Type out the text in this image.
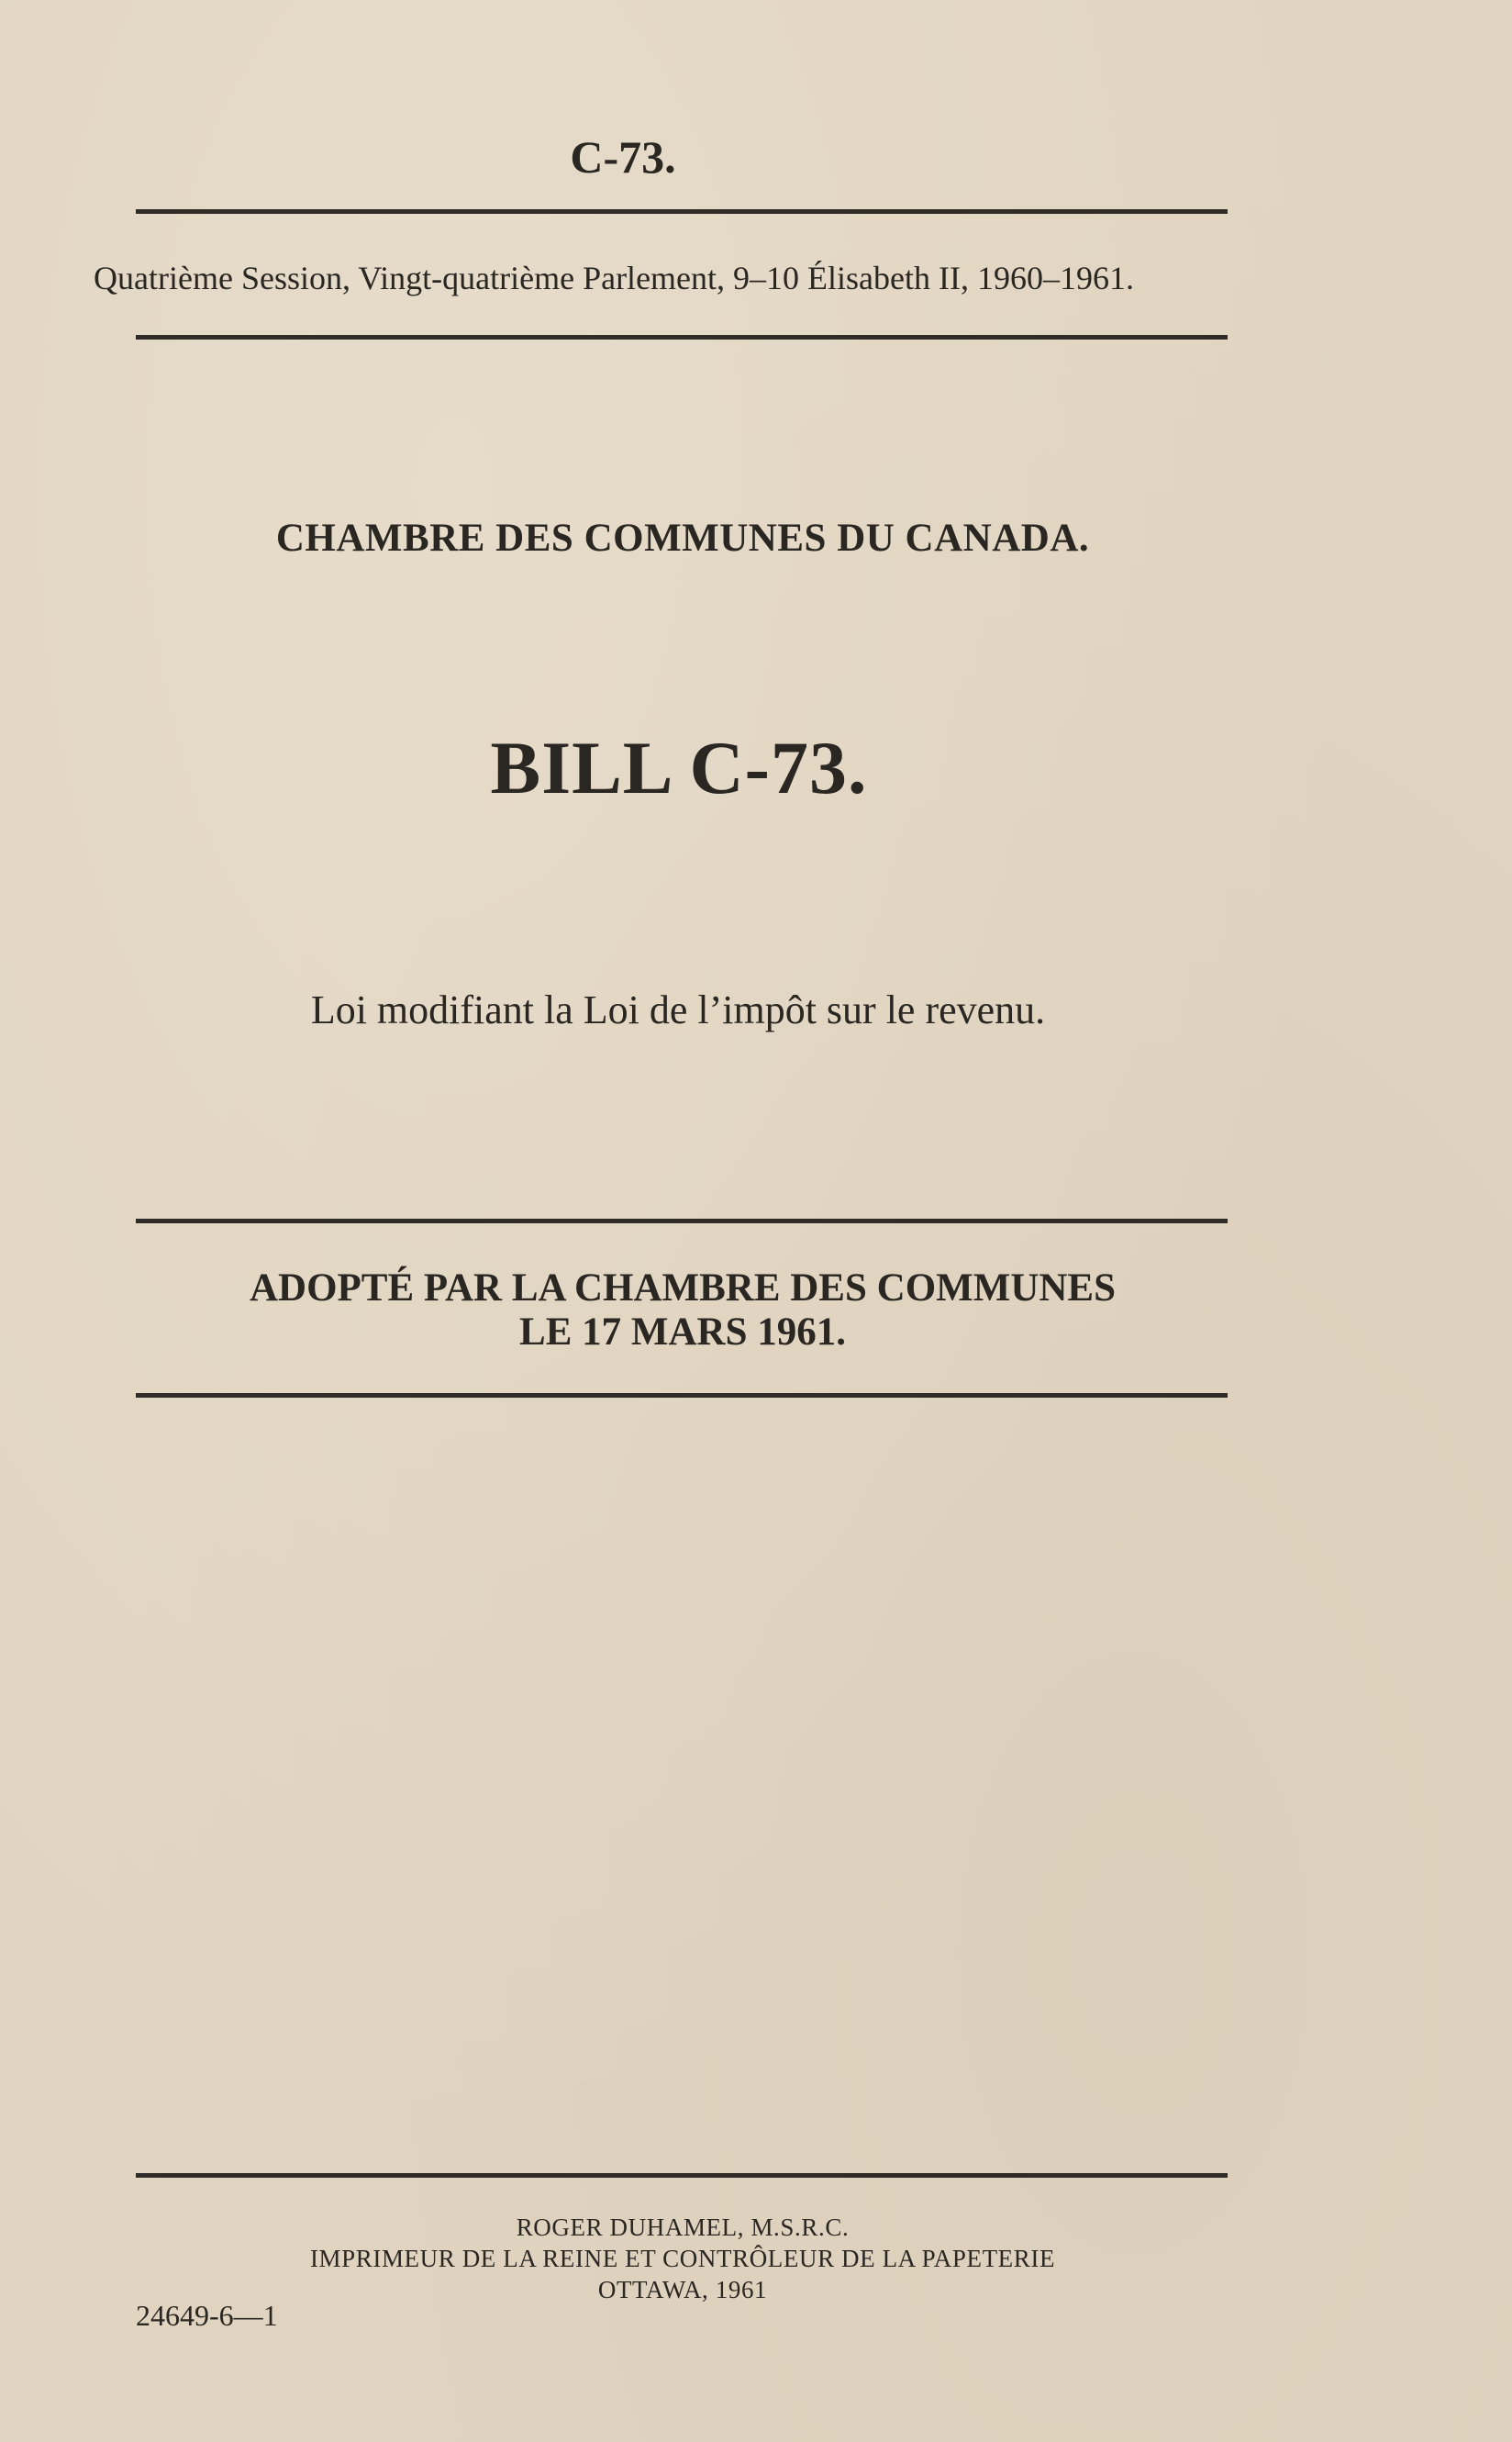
C-73.
Quatrième Session, Vingt-quatrième Parlement, 9–10 Élisabeth II, 1960–1961.
CHAMBRE DES COMMUNES DU CANADA.
BILL C-73.
Loi modifiant la Loi de l’impôt sur le revenu.
ADOPTÉ PAR LA CHAMBRE DES COMMUNES
LE 17 MARS 1961.
ROGER DUHAMEL, M.S.R.C.
IMPRIMEUR DE LA REINE ET CONTRÔLEUR DE LA PAPETERIE
OTTAWA, 1961
24649-6—1
